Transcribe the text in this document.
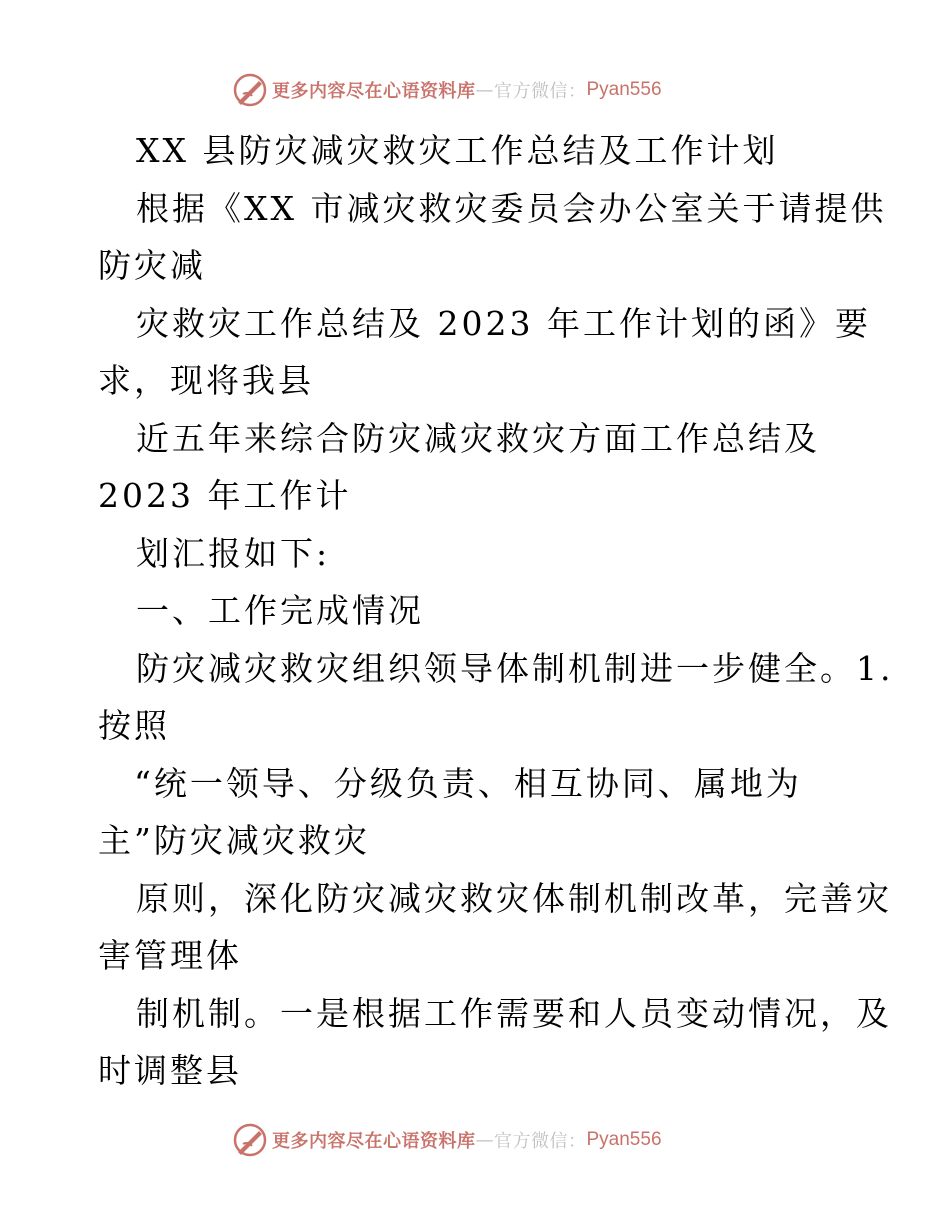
更多内容尽在心语资料库 — 官方微信： Pyan556
XX 县防灾减灾救灾工作总结及工作计划
根据《XX 市减灾救灾委员会办公室关于请提供
防灾减
灾救灾工作总结及 2023 年工作计划的函》要
求，现将我县
近五年来综合防灾减灾救灾方面工作总结及
2023 年工作计
划汇报如下:
一、工作完成情况
防灾减灾救灾组织领导体制机制进一步健全。1.
按照
“统一领导、分级负责、相互协同、属地为
主”防灾减灾救灾
原则，深化防灾减灾救灾体制机制改革，完善灾
害管理体
制机制。一是根据工作需要和人员变动情况，及
时调整县
更多内容尽在心语资料库 — 官方微信： Pyan556
